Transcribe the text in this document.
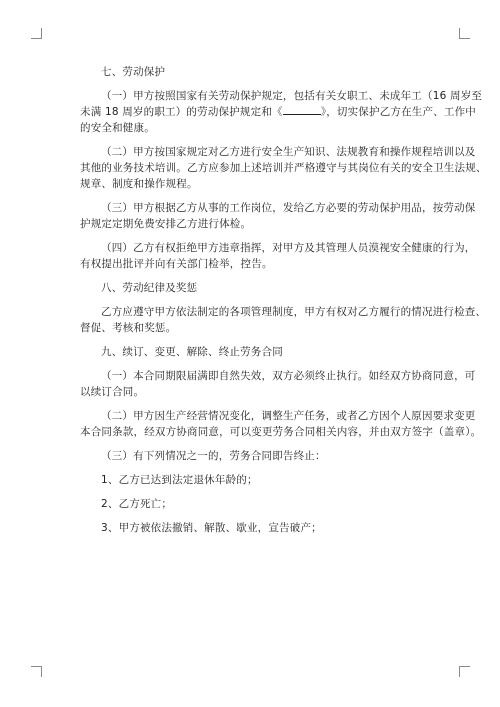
七、劳动保护
（一）甲方按照国家有关劳动保护规定，包括有关女职工、未成年工（16 周岁至
未满 18 周岁的职工）的劳动保护规定和《	》，切实保护乙方在生产、工作中
的安全和健康。
（二）甲方按国家规定对乙方进行安全生产知识、法规教育和操作规程培训以及
其他的业务技术培训。乙方应参加上述培训并严格遵守与其岗位有关的安全卫生法规、
规章、制度和操作规程。
（三）甲方根据乙方从事的工作岗位，发给乙方必要的劳动保护用品，按劳动保
护规定定期免费安排乙方进行体检。
（四）乙方有权拒绝甲方违章指挥，对甲方及其管理人员漠视安全健康的行为，
有权提出批评并向有关部门检举，控告。
八、劳动纪律及奖惩
乙方应遵守甲方依法制定的各项管理制度，甲方有权对乙方履行的情况进行检查、
督促、考核和奖惩。
九、续订、变更、解除、终止劳务合同
（一）本合同期限届满即自然失效，双方必须终止执行。如经双方协商同意，可
以续订合同。
（二）甲方因生产经营情况变化，调整生产任务，或者乙方因个人原因要求变更
本合同条款，经双方协商同意，可以变更劳务合同相关内容，并由双方签字（盖章）。
（三）有下列情况之一的，劳务合同即告终止：
1、乙方已达到法定退休年龄的；
2、乙方死亡；
3、甲方被依法撤销、解散、歇业，宣告破产；
